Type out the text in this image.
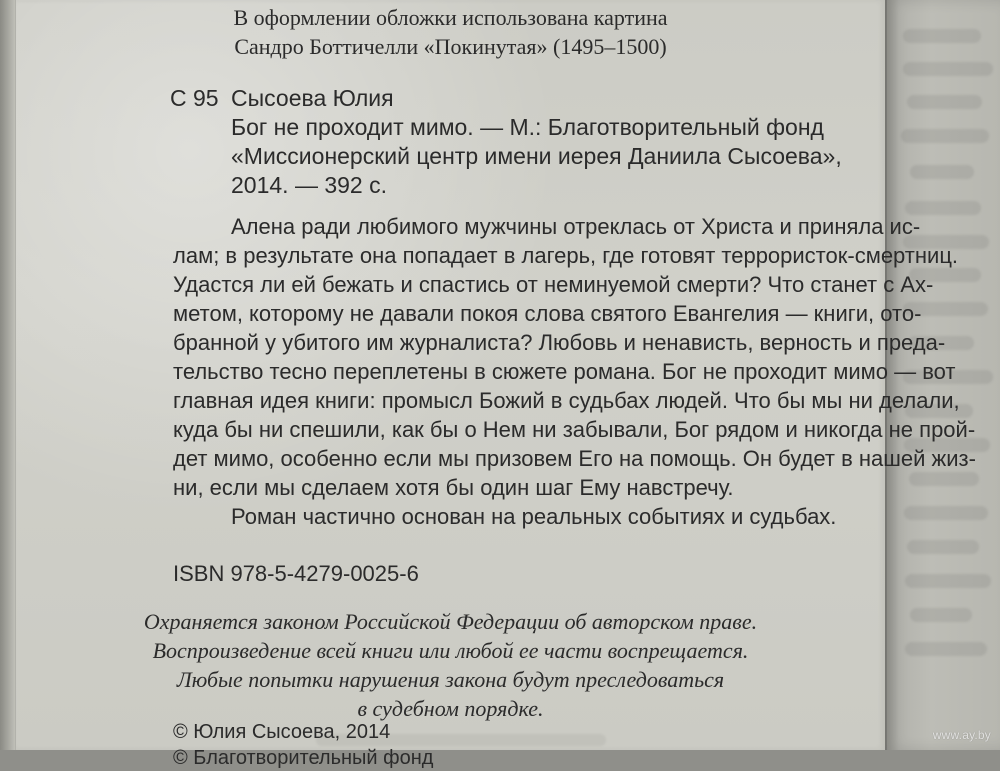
В оформлении обложки использована картина
Сандро Боттичелли «Покинутая» (1495–1500)
С 95 Сысоева Юлия
Бог не проходит мимо. — М.: Благотворительный фонд
«Миссионерский центр имени иерея Даниила Сысоева»,
2014. — 392 с.
Алена ради любимого мужчины отреклась от Христа и приняла ис-
лам; в результате она попадает в лагерь, где готовят террористок-смертниц.
Удастся ли ей бежать и спастись от неминуемой смерти? Что станет с Ах-
метом, которому не давали покоя слова святого Евангелия — книги, ото-
бранной у убитого им журналиста? Любовь и ненависть, верность и преда-
тельство тесно переплетены в сюжете романа. Бог не проходит мимо — вот
главная идея книги: промысл Божий в судьбах людей. Что бы мы ни делали,
куда бы ни спешили, как бы о Нем ни забывали, Бог рядом и никогда не прой-
дет мимо, особенно если мы призовем Его на помощь. Он будет в нашей жиз-
ни, если мы сделаем хотя бы один шаг Ему навстречу.
Роман частично основан на реальных событиях и судьбах.
ISBN 978-5-4279-0025-6
Охраняется законом Российской Федерации об авторском праве.
Воспроизведение всей книги или любой ее части воспрещается.
Любые попытки нарушения закона будут преследоваться
в судебном порядке.
© Юлия Сысоева, 2014
© Благотворительный фонд
www.ay.by
